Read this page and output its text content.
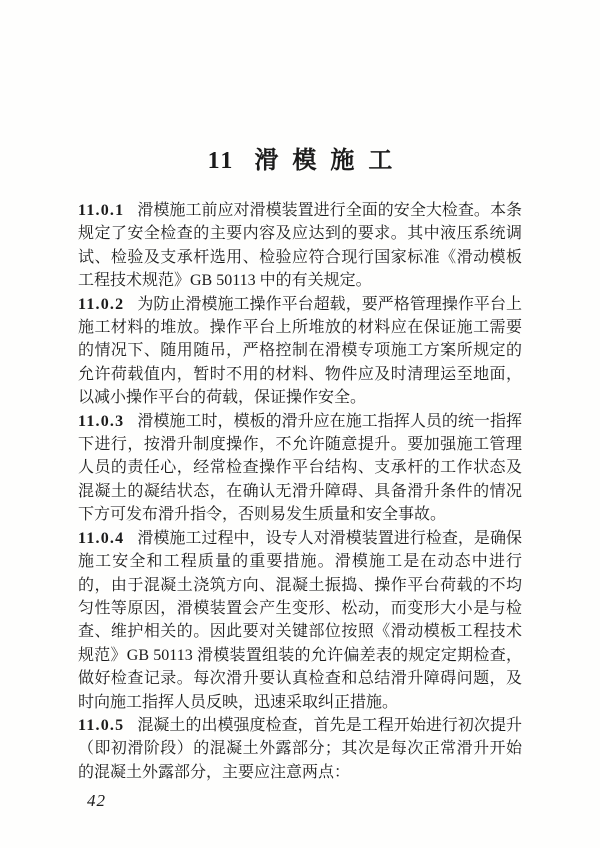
11 滑模施工

11.0.1 滑模施工前应对滑模装置进行全面的安全大检查。本条规定了安全检查的主要内容及应达到的要求。其中液压系统调试、检验及支承杆选用、检验应符合现行国家标准《滑动模板工程技术规范》GB 50113 中的有关规定。

11.0.2 为防止滑模施工操作平台超载，要严格管理操作平台上施工材料的堆放。操作平台上所堆放的材料应在保证施工需要的情况下、随用随吊，严格控制在滑模专项施工方案所规定的允许荷载值内，暂时不用的材料、物件应及时清理运至地面，以减小操作平台的荷载，保证操作安全。

11.0.3 滑模施工时，模板的滑升应在施工指挥人员的统一指挥下进行，按滑升制度操作，不允许随意提升。要加强施工管理人员的责任心，经常检查操作平台结构、支承杆的工作状态及混凝土的凝结状态，在确认无滑升障碍、具备滑升条件的情况下方可发布滑升指令，否则易发生质量和安全事故。

11.0.4 滑模施工过程中，设专人对滑模装置进行检查，是确保施工安全和工程质量的重要措施。滑模施工是在动态中进行的，由于混凝土浇筑方向、混凝土振捣、操作平台荷载的不均匀性等原因，滑模装置会产生变形、松动，而变形大小是与检查、维护相关的。因此要对关键部位按照《滑动模板工程技术规范》GB 50113 滑模装置组装的允许偏差表的规定定期检查，做好检查记录。每次滑升要认真检查和总结滑升障碍问题，及时向施工指挥人员反映，迅速采取纠正措施。

11.0.5 混凝土的出模强度检查，首先是工程开始进行初次提升（即初滑阶段）的混凝土外露部分；其次是每次正常滑升开始的混凝土外露部分，主要应注意两点：

42
